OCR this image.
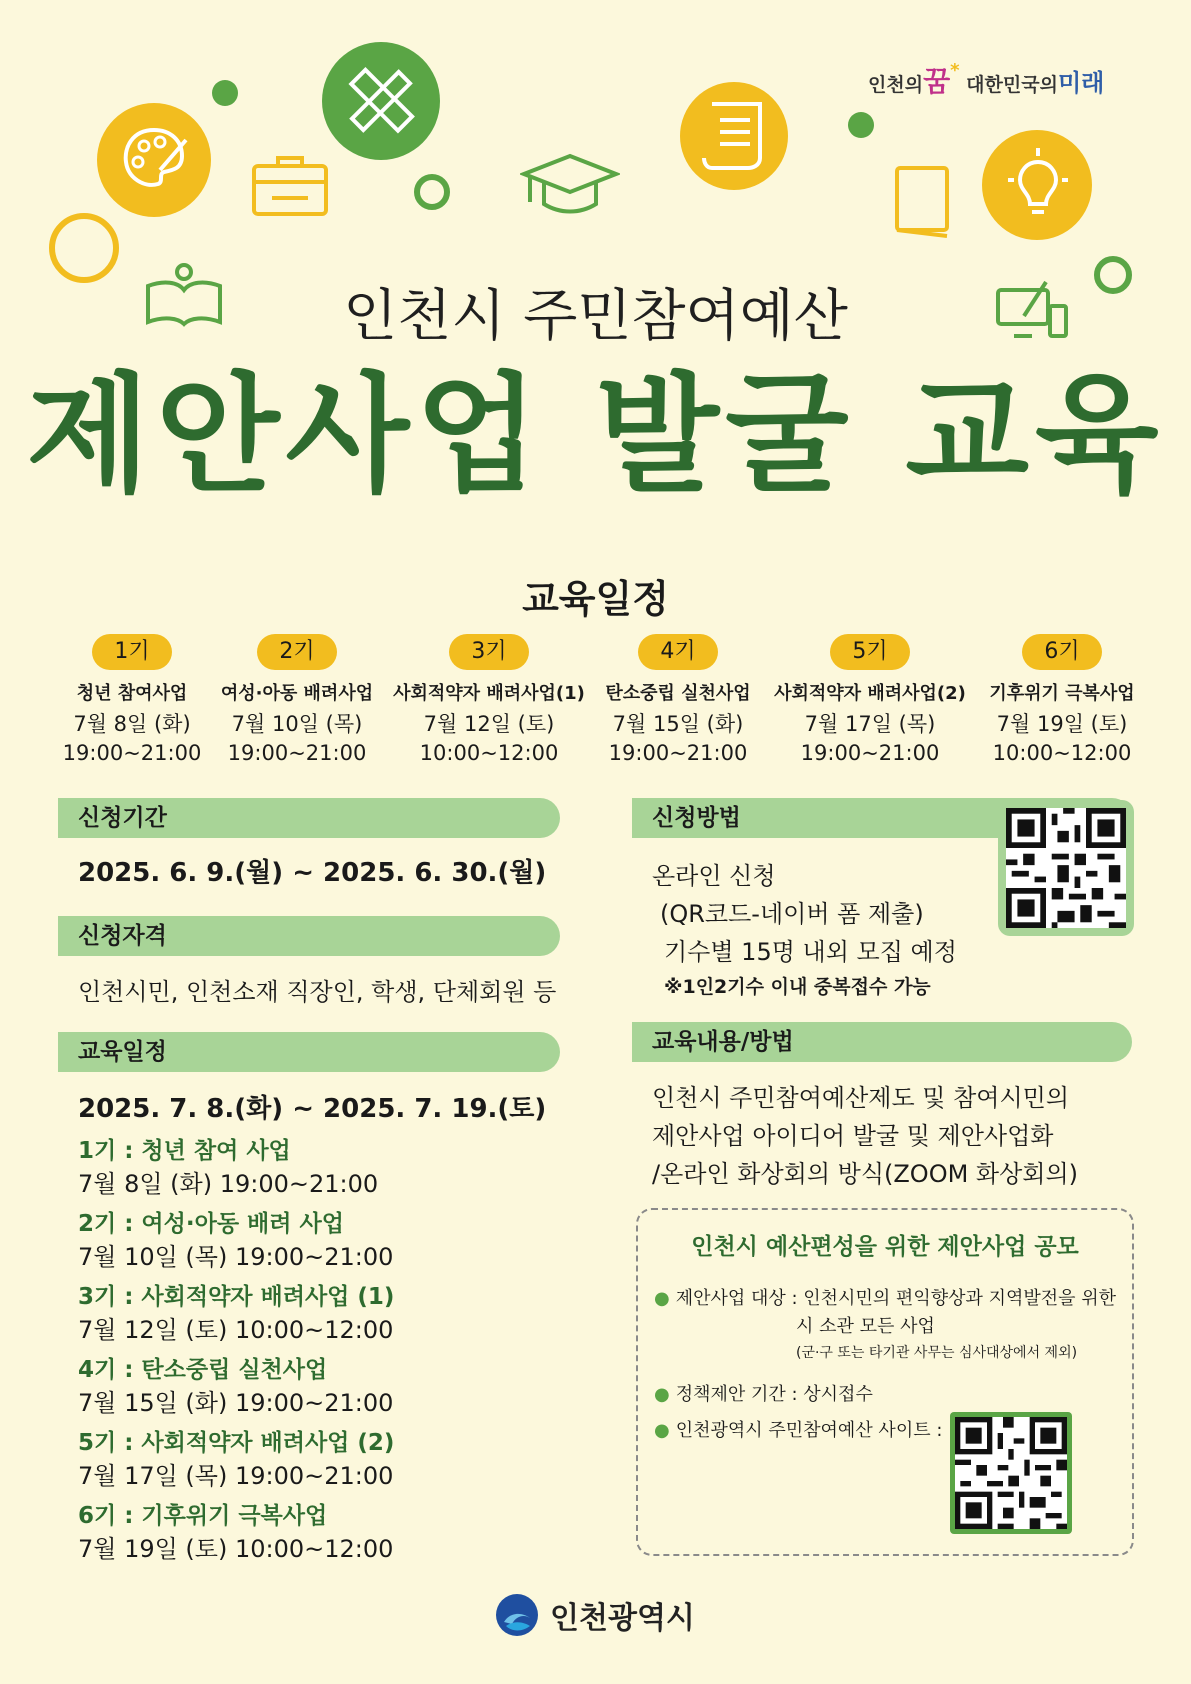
인천의꿈* 대한민국의미래
인천시 주민참여예산
제안사업 발굴 교육
교육일정
1기
청년 참여사업
7월 8일 (화)
19:00~21:00
2기
여성·아동 배려사업
7월 10일 (목)
19:00~21:00
3기
사회적약자 배려사업(1)
7월 12일 (토)
10:00~12:00
4기
탄소중립 실천사업
7월 15일 (화)
19:00~21:00
5기
사회적약자 배려사업(2)
7월 17일 (목)
19:00~21:00
6기
기후위기 극복사업
7월 19일 (토)
10:00~12:00
신청기간
2025. 6. 9.(월) ~ 2025. 6. 30.(월)
신청자격
인천시민, 인천소재 직장인, 학생, 단체회원 등
교육일정
2025. 7. 8.(화) ~ 2025. 7. 19.(토)
1기 : 청년 참여 사업
7월 8일 (화) 19:00~21:00
2기 : 여성·아동 배려 사업
7월 10일 (목) 19:00~21:00
3기 : 사회적약자 배려사업 (1)
7월 12일 (토) 10:00~12:00
4기 : 탄소중립 실천사업
7월 15일 (화) 19:00~21:00
5기 : 사회적약자 배려사업 (2)
7월 17일 (목) 19:00~21:00
6기 : 기후위기 극복사업
7월 19일 (토) 10:00~12:00
신청방법
온라인 신청
(QR코드-네이버 폼 제출)
기수별 15명 내외 모집 예정
※1인2기수 이내 중복접수 가능
교육내용/방법
인천시 주민참여예산제도 및 참여시민의
제안사업 아이디어 발굴 및 제안사업화
/온라인 화상회의 방식(ZOOM 화상회의)
인천시 예산편성을 위한 제안사업 공모
● 제안사업 대상 : 인천시민의 편익향상과 지역발전을 위한
시 소관 모든 사업
(군·구 또는 타기관 사무는 심사대상에서 제외)
● 정책제안 기간 : 상시접수
● 인천광역시 주민참여예산 사이트 :
인천광역시
